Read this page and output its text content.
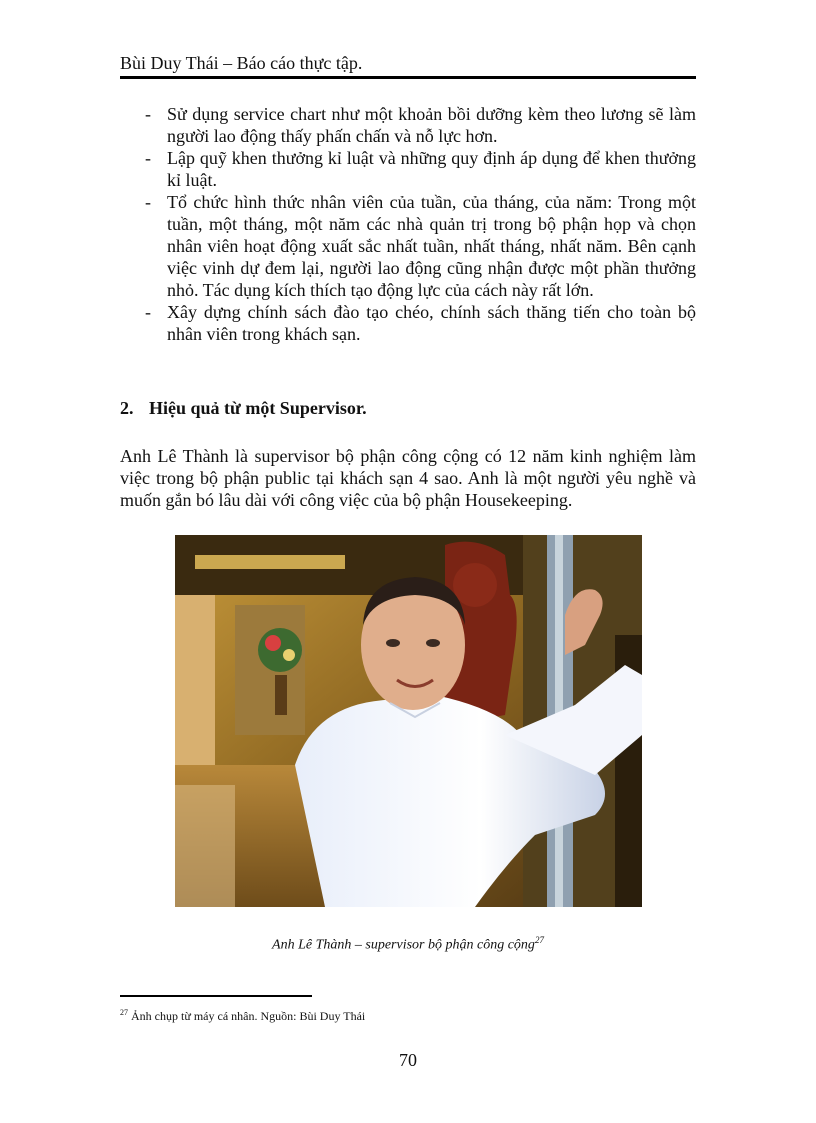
Bùi Duy Thái – Báo cáo thực tập.
- Sử dụng service chart như một khoản bồi dưỡng kèm theo lương sẽ làm người lao động thấy phấn chấn và nỗ lực hơn.
- Lập quỹ khen thưởng kỉ luật và những quy định áp dụng để khen thưởng kỉ luật.
- Tổ chức hình thức nhân viên của tuần, của tháng, của năm: Trong một tuần, một tháng, một năm các nhà quản trị trong bộ phận họp và chọn nhân viên hoạt động xuất sắc nhất tuần, nhất tháng, nhất năm. Bên cạnh việc vinh dự đem lại, người lao động cũng nhận được một phần thưởng nhỏ. Tác dụng kích thích tạo động lực của cách này rất lớn.
- Xây dựng chính sách đào tạo chéo, chính sách thăng tiến cho toàn bộ nhân viên trong khách sạn.
2. Hiệu quả từ một Supervisor.
Anh Lê Thành là supervisor bộ phận công cộng có 12 năm kinh nghiệm làm việc trong bộ phận public tại khách sạn 4 sao. Anh là một người yêu nghề và muốn gắn bó lâu dài với công việc của bộ phận Housekeeping.
Anh Lê Thành – supervisor bộ phận công cộng$^{27}$
$^{27}$ Ảnh chụp từ máy cá nhân. Nguồn: Bùi Duy Thái
70
